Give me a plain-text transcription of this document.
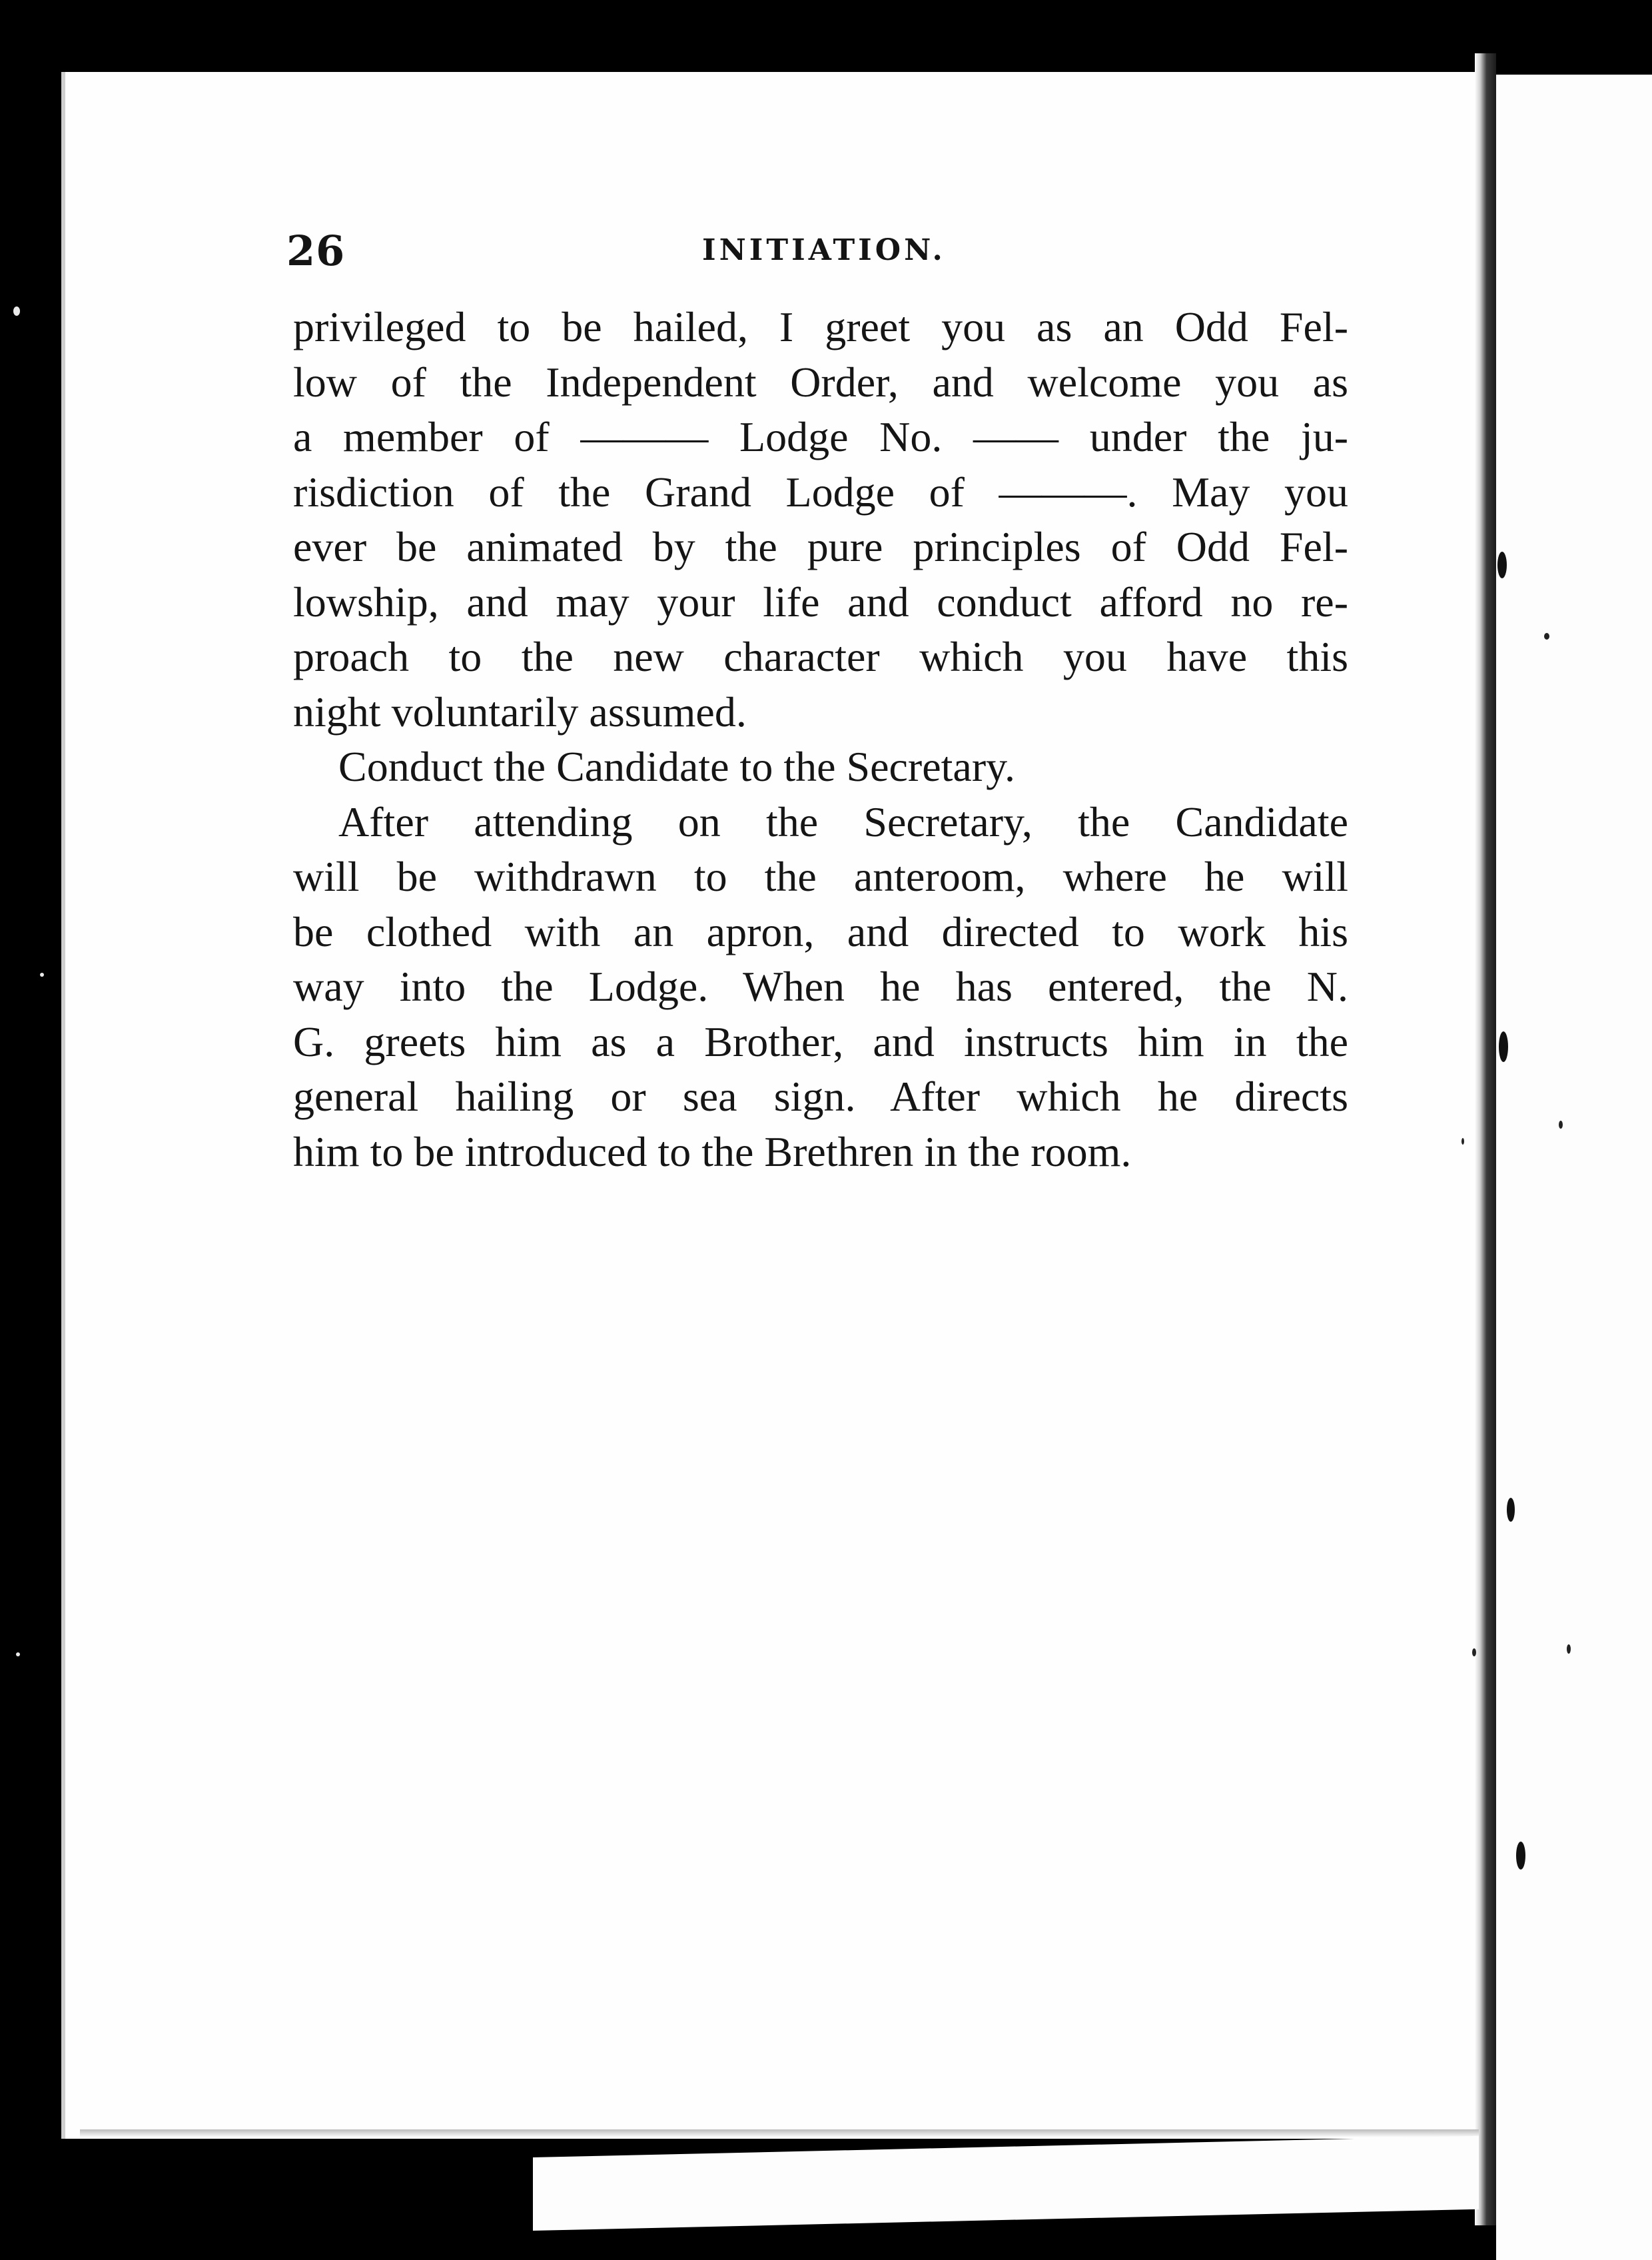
26	INITIATION.
privileged to be hailed, I greet you as an Odd Fel-
low of the Independent Order, and welcome you as
a member of ——— Lodge No. —— under the ju-
risdiction of the Grand Lodge of ———. May you
ever be animated by the pure principles of Odd Fel-
lowship, and may your life and conduct afford no re-
proach to the new character which you have this
night voluntarily assumed.
Conduct the Candidate to the Secretary.
After attending on the Secretary, the Candidate
will be withdrawn to the anteroom, where he will
be clothed with an apron, and directed to work his
way into the Lodge. When he has entered, the N.
G. greets him as a Brother, and instructs him in the
general hailing or sea sign. After which he directs
him to be introduced to the Brethren in the room.
